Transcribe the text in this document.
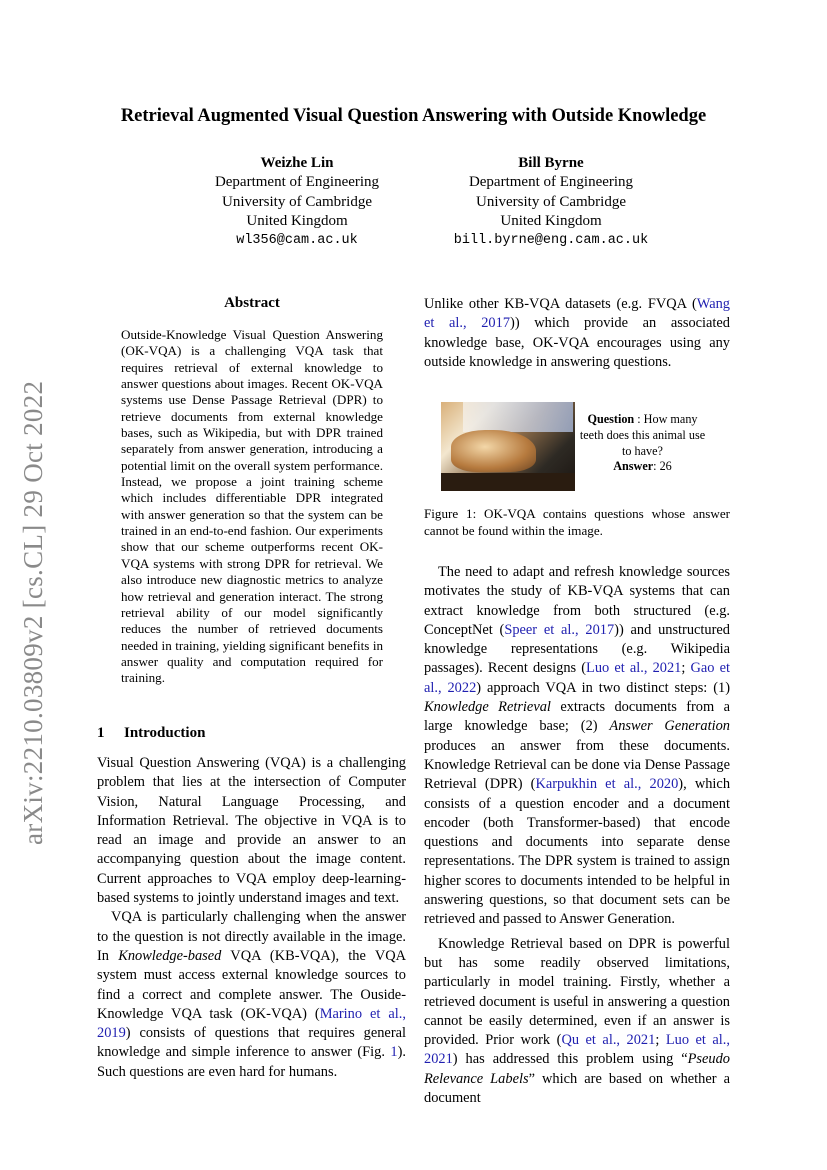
arXiv:2210.03809v2 [cs.CL] 29 Oct 2022
Retrieval Augmented Visual Question Answering with Outside Knowledge
Weizhe Lin
Department of Engineering
University of Cambridge
United Kingdom
wl356@cam.ac.uk
Bill Byrne
Department of Engineering
University of Cambridge
United Kingdom
bill.byrne@eng.cam.ac.uk
Abstract
Outside-Knowledge Visual Question Answering (OK-VQA) is a challenging VQA task that requires retrieval of external knowledge to answer questions about images. Recent OK-VQA systems use Dense Passage Retrieval (DPR) to retrieve documents from external knowledge bases, such as Wikipedia, but with DPR trained separately from answer generation, introducing a potential limit on the overall system performance. Instead, we propose a joint training scheme which includes differentiable DPR integrated with answer generation so that the system can be trained in an end-to-end fashion. Our experiments show that our scheme outperforms recent OK-VQA systems with strong DPR for retrieval. We also introduce new diagnostic metrics to analyze how retrieval and generation interact. The strong retrieval ability of our model significantly reduces the number of retrieved documents needed in training, yielding significant benefits in answer quality and computation required for training.
1 Introduction

Visual Question Answering (VQA) is a challenging problem that lies at the intersection of Computer Vision, Natural Language Processing, and Information Retrieval. The objective in VQA is to read an image and provide an answer to an accompanying question about the image content. Current approaches to VQA employ deep-learning-based systems to jointly understand images and text.

VQA is particularly challenging when the answer to the question is not directly available in the image. In Knowledge-based VQA (KB-VQA), the VQA system must access external knowledge sources to find a correct and complete answer. The Ouside-Knowledge VQA task (OK-VQA) (Marino et al., 2019) consists of questions that requires general knowledge and simple inference to answer (Fig. 1). Such questions are even hard for humans.

Unlike other KB-VQA datasets (e.g. FVQA (Wang et al., 2017)) which provide an associated knowledge base, OK-VQA encourages using any outside knowledge in answering questions.
Question : How many teeth does this animal use to have?
Answer: 26
Figure 1: OK-VQA contains questions whose answer cannot be found within the image.

The need to adapt and refresh knowledge sources motivates the study of KB-VQA systems that can extract knowledge from both structured (e.g. ConceptNet (Speer et al., 2017)) and unstructured knowledge representations (e.g. Wikipedia passages). Recent designs (Luo et al., 2021; Gao et al., 2022) approach VQA in two distinct steps: (1) Knowledge Retrieval extracts documents from a large knowledge base; (2) Answer Generation produces an answer from these documents. Knowledge Retrieval can be done via Dense Passage Retrieval (DPR) (Karpukhin et al., 2020), which consists of a question encoder and a document encoder (both Transformer-based) that encode questions and documents into separate dense representations. The DPR system is trained to assign higher scores to documents intended to be helpful in answering questions, so that document sets can be retrieved and passed to Answer Generation.

Knowledge Retrieval based on DPR is powerful but has some readily observed limitations, particularly in model training. Firstly, whether a retrieved document is useful in answering a question cannot be easily determined, even if an answer is provided. Prior work (Qu et al., 2021; Luo et al., 2021) has addressed this problem using “Pseudo Relevance Labels” which are based on whether a document
